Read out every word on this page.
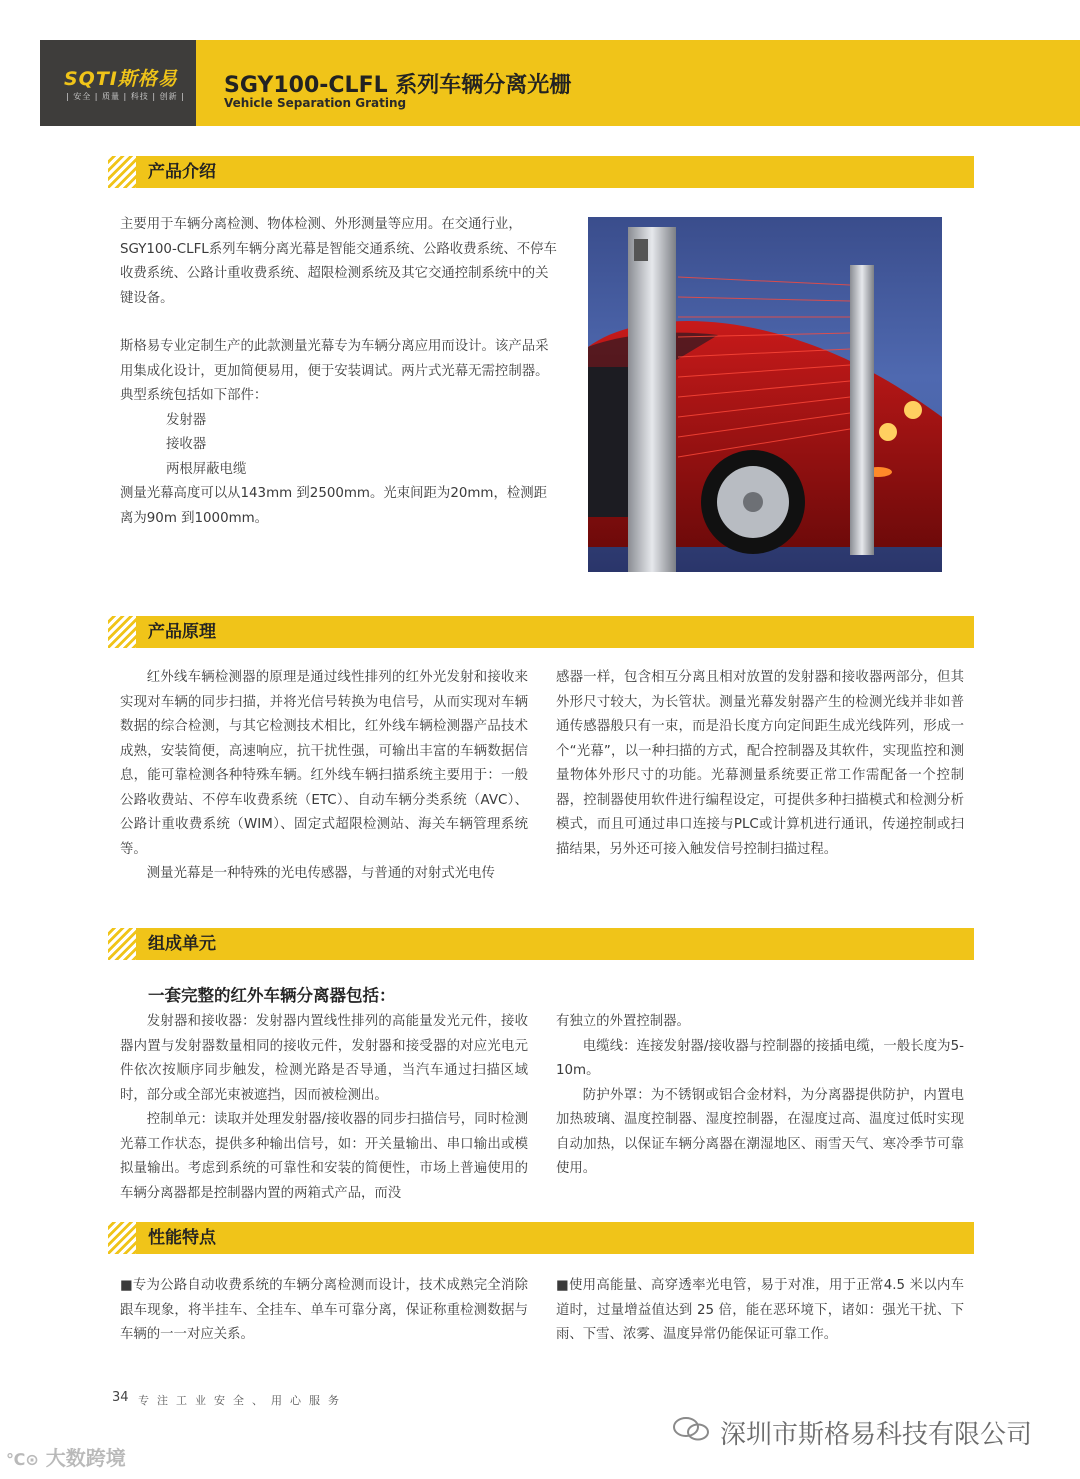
SQTI斯格易
| 安全 | 质量 | 科技 | 创新 | SGY100-CLFL 系列车辆分离光栅
Vehicle Separation Grating
产品介绍

主要用于车辆分离检测、物体检测、外形测量等应用。在交通行业，SGY100-CLFL系列车辆分离光幕是智能交通系统、公路收费系统、不停车收费系统、公路计重收费系统、超限检测系统及其它交通控制系统中的关键设备。

斯格易专业定制生产的此款测量光幕专为车辆分离应用而设计。该产品采用集成化设计，更加简便易用，便于安装调试。两片式光幕无需控制器。

典型系统包括如下部件：

发射器

接收器

两根屏蔽电缆

测量光幕高度可以从143mm 到2500mm。光束间距为20mm，检测距离为90m 到1000mm。

产品原理

红外线车辆检测器的原理是通过线性排列的红外光发射和接收来实现对车辆的同步扫描，并将光信号转换为电信号，从而实现对车辆数据的综合检测，与其它检测技术相比，红外线车辆检测器产品技术成熟，安装简便，高速响应，抗干扰性强，可输出丰富的车辆数据信息，能可靠检测各种特殊车辆。红外线车辆扫描系统主要用于：一般公路收费站、不停车收费系统（ETC）、自动车辆分类系统（AVC）、公路计重收费系统（WIM）、固定式超限检测站、海关车辆管理系统等。

测量光幕是一种特殊的光电传感器，与普通的对射式光电传

感器一样，包含相互分离且相对放置的发射器和接收器两部分，但其外形尺寸较大，为长管状。测量光幕发射器产生的检测光线并非如普通传感器般只有一束，而是沿长度方向定间距生成光线阵列，形成一个“光幕”，以一种扫描的方式，配合控制器及其软件，实现监控和测量物体外形尺寸的功能。光幕测量系统要正常工作需配备一个控制器，控制器使用软件进行编程设定，可提供多种扫描模式和检测分析模式，而且可通过串口连接与PLC或计算机进行通讯，传递控制或扫描结果，另外还可接入触发信号控制扫描过程。

组成单元
一套完整的红外车辆分离器包括：

发射器和接收器：发射器内置线性排列的高能量发光元件，接收器内置与发射器数量相同的接收元件，发射器和接受器的对应光电元件依次按顺序同步触发，检测光路是否导通，当汽车通过扫描区域时，部分或全部光束被遮挡，因而被检测出。

控制单元：读取并处理发射器/接收器的同步扫描信号，同时检测光幕工作状态，提供多种输出信号，如：开关量输出、串口输出或模拟量输出。考虑到系统的可靠性和安装的简便性，市场上普遍使用的车辆分离器都是控制器内置的两箱式产品，而没

有独立的外置控制器。

电缆线：连接发射器/接收器与控制器的接插电缆，一般长度为5-10m。

防护外罩：为不锈钢或铝合金材料，为分离器提供防护，内置电加热玻璃、温度控制器、湿度控制器，在湿度过高、温度过低时实现自动加热，以保证车辆分离器在潮湿地区、雨雪天气、寒冷季节可靠使用。

性能特点

■专为公路自动收费系统的车辆分离检测而设计，技术成熟完全消除跟车现象，将半挂车、全挂车、单车可靠分离，保证称重检测数据与车辆的一一对应关系。

■使用高能量、高穿透率光电管，易于对准，用于正常4.5 米以内车道时，过量增益值达到 25 倍，能在恶环境下，诸如：强光干扰、下雨、下雪、浓雾、温度异常仍能保证可靠工作。

34 专注工业安全、用心服务
深圳市斯格易科技有限公司
℃⊙ 大数跨境
